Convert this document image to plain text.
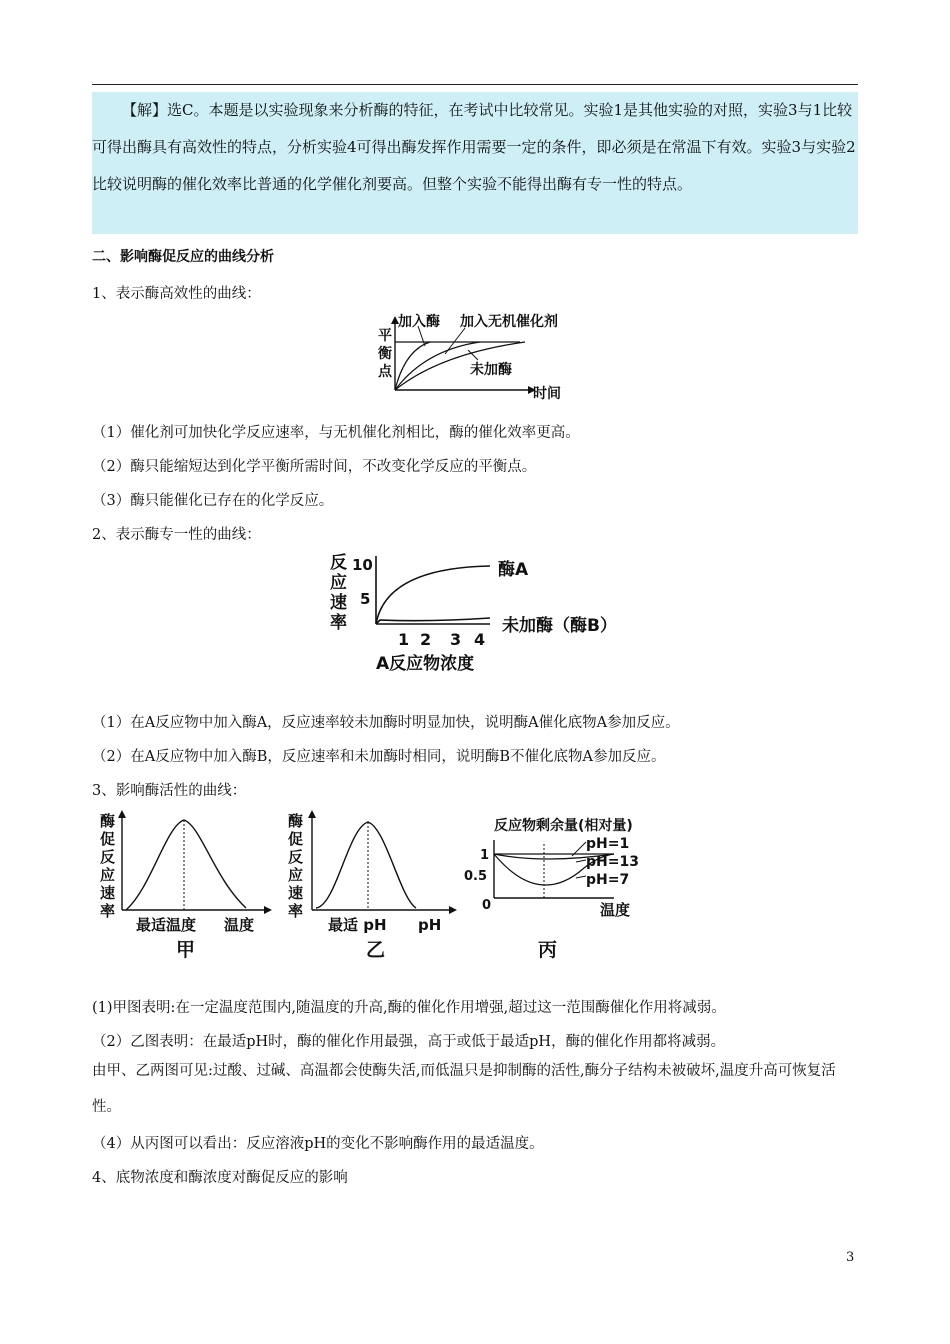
【解】选C。本题是以实验现象来分析酶的特征，在考试中比较常见。实验1是其他实验的对照，实验3与1比较可得出酶具有高效性的特点，分析实验4可得出酶发挥作用需要一定的条件，即必须是在常温下有效。实验3与实验2比较说明酶的催化效率比普通的化学催化剂要高。但整个实验不能得出酶有专一性的特点。

二、影响酶促反应的曲线分析
1、表示酶高效性的曲线：
平
衡
点
加入酶 加入无机催化剂
未加酶
时间
（1）催化剂可加快化学反应速率，与无机催化剂相比，酶的催化效率更高。
（2）酶只能缩短达到化学平衡所需时间，不改变化学反应的平衡点。
（3）酶只能催化已存在的化学反应。
2、表示酶专一性的曲线：
反
应
速
率
10
5
酶A
未加酶（酶B）
1 2 3 4
A反应物浓度
（1）在A反应物中加入酶A，反应速率较未加酶时明显加快，说明酶A催化底物A参加反应。
（2）在A反应物中加入酶B，反应速率和未加酶时相同，说明酶B不催化底物A参加反应。
3、影响酶活性的曲线：
酶
促
反
应
速
率
最适温度 温度
甲
酶
促
反
应
速
率
最适 pH pH
乙
反应物剩余量(相对量)
1
0.5
0
pH=1
pH=13
pH=7
温度
丙
(1)甲图表明:在一定温度范围内,随温度的升高,酶的催化作用增强,超过这一范围酶催化作用将减弱。
（2）乙图表明：在最适pH时，酶的催化作用最强，高于或低于最适pH，酶的催化作用都将减弱。
由甲、乙两图可见:过酸、过碱、高温都会使酶失活,而低温只是抑制酶的活性,酶分子结构未被破坏,温度升高可恢复活性。
（4）从丙图可以看出：反应溶液pH的变化不影响酶作用的最适温度。
4、底物浓度和酶浓度对酶促反应的影响
3
